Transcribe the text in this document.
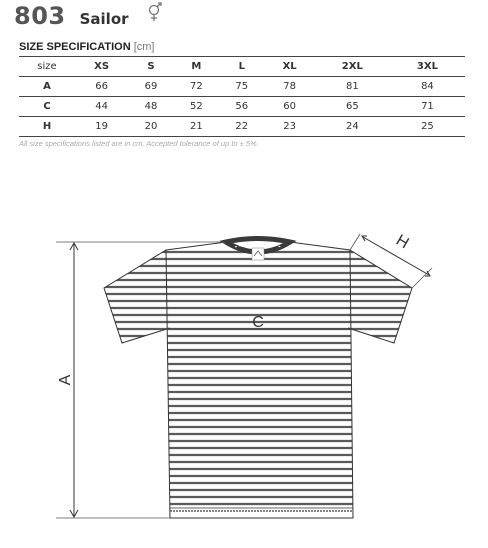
803 Sailor
SIZE SPECIFICATION [cm]
size	XS	S	M	L	XL	2XL	3XL
A	66	69	72	75	78	81	84
C	44	48	52	56	60	65	71
H	19	20	21	22	23	24	25
All size specifications listed are in cm. Accepted tolerance of up to ± 5%.
C
A
H
